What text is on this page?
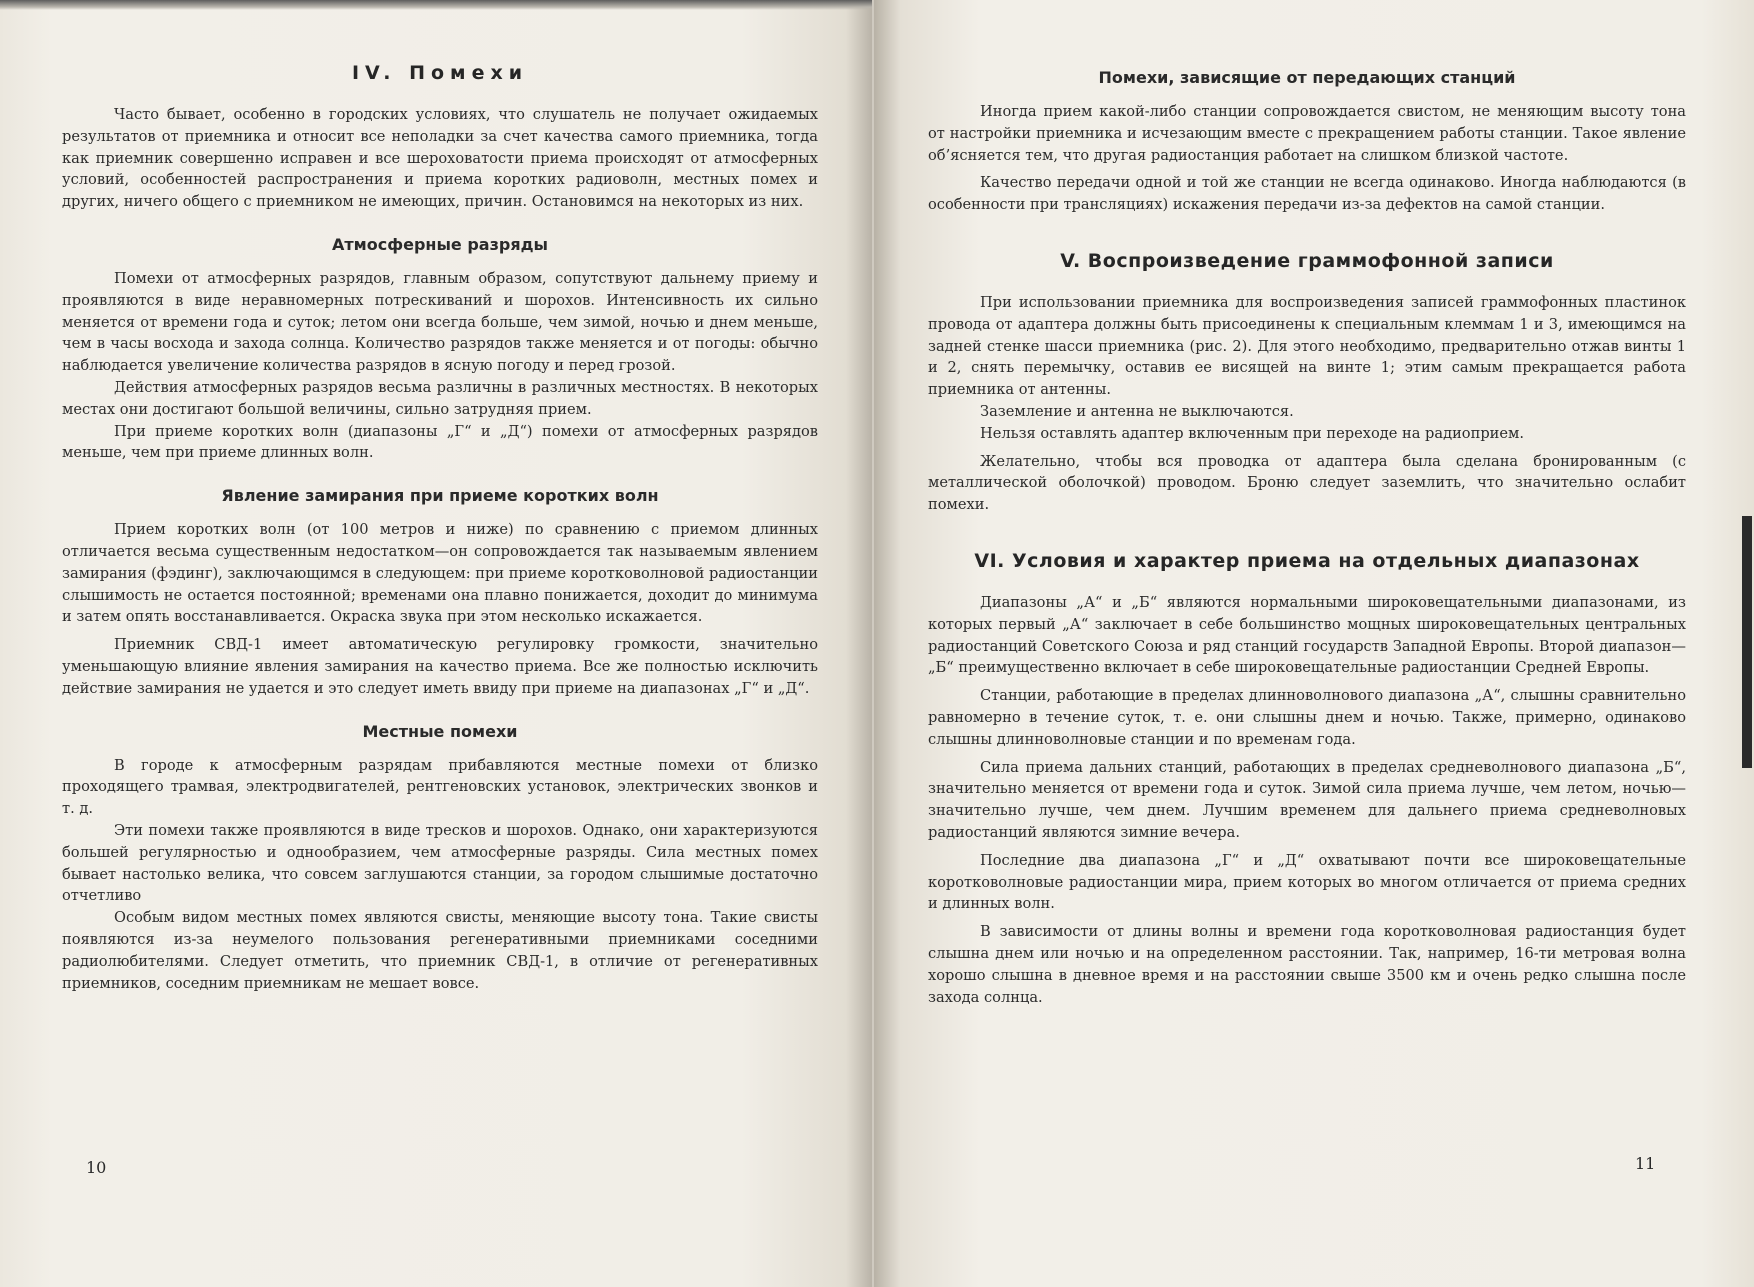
IV. Помехи

Часто бывает, особенно в городских условиях, что слушатель не получает ожидаемых результатов от приемника и относит все неполадки за счет качества самого приемника, тогда как приемник совершенно исправен и все шероховатости приема происходят от атмосферных условий, особенностей распространения и приема коротких радиоволн, местных помех и других, ничего общего с приемником не имеющих, причин. Остановимся на некоторых из них.

Атмосферные разряды

Помехи от атмосферных разрядов, главным образом, сопутствуют дальнему приему и проявляются в виде неравномерных потрескиваний и шорохов. Интенсивность их сильно меняется от времени года и суток; летом они всегда больше, чем зимой, ночью и днем меньше, чем в часы восхода и захода солнца. Количество разрядов также меняется и от погоды: обычно наблюдается увеличение количества разрядов в ясную погоду и перед грозой.

Действия атмосферных разрядов весьма различны в различных местностях. В некоторых местах они достигают большой величины, сильно затрудняя прием.

При приеме коротких волн (диапазоны „Г“ и „Д“) помехи от атмосферных разрядов меньше, чем при приеме длинных волн.

Явление замирания при приеме коротких волн

Прием коротких волн (от 100 метров и ниже) по сравнению с приемом длинных отличается весьма существенным недостатком—он сопровождается так называемым явлением замирания (фэдинг), заключающимся в следующем: при приеме коротковолновой радиостанции слышимость не остается постоянной; временами она плавно понижается, доходит до минимума и затем опять восстанавливается. Окраска звука при этом несколько искажается.

Приемник СВД-1 имеет автоматическую регулировку громкости, значительно уменьшающую влияние явления замирания на качество приема. Все же полностью исключить действие замирания не удается и это следует иметь ввиду при приеме на диапазонах „Г“ и „Д“.

Местные помехи

В городе к атмосферным разрядам прибавляются местные помехи от близко проходящего трамвая, электродвигателей, рентгеновских установок, электрических звонков и т. д.

Эти помехи также проявляются в виде тресков и шорохов. Однако, они характеризуются большей регулярностью и однообразием, чем атмосферные разряды. Сила местных помех бывает настолько велика, что совсем заглушаются станции, за городом слышимые достаточно отчетливо

Особым видом местных помех являются свисты, меняющие высоту тона. Такие свисты появляются из-за неумелого пользования регенеративными приемниками соседними радиолюбителями. Следует отметить, что приемник СВД-1, в отличие от регенеративных приемников, соседним приемникам не мешает вовсе.

10
Помехи, зависящие от передающих станций

Иногда прием какой-либо станции сопровождается свистом, не меняющим высоту тона от настройки приемника и исчезающим вместе с прекращением работы станции. Такое явление об’ясняется тем, что другая радиостанция работает на слишком близкой частоте.

Качество передачи одной и той же станции не всегда одинаково. Иногда наблюдаются (в особенности при трансляциях) искажения передачи из-за дефектов на самой станции.

V. Воспроизведение граммофонной записи

При использовании приемника для воспроизведения записей граммофонных пластинок провода от адаптера должны быть присоединены к специальным клеммам 1 и 3, имеющимся на задней стенке шасси приемника (рис. 2). Для этого необходимо, предварительно отжав винты 1 и 2, снять перемычку, оставив ее висящей на винте 1; этим самым прекращается работа приемника от антенны.

Заземление и антенна не выключаются.

Нельзя оставлять адаптер включенным при переходе на радиоприем.

Желательно, чтобы вся проводка от адаптера была сделана бронированным (с металлической оболочкой) проводом. Броню следует заземлить, что значительно ослабит помехи.

VI. Условия и характер приема на отдельных диапазонах

Диапазоны „А“ и „Б“ являются нормальными широковещательными диапазонами, из которых первый „А“ заключает в себе большинство мощных широковещательных центральных радиостанций Советского Союза и ряд станций государств Западной Европы. Второй диапазон—„Б“ преимущественно включает в себе широковещательные радиостанции Средней Европы.

Станции, работающие в пределах длинноволнового диапазона „А“, слышны сравнительно равномерно в течение суток, т. е. они слышны днем и ночью. Также, примерно, одинаково слышны длинноволновые станции и по временам года.

Сила приема дальних станций, работающих в пределах средневолнового диапазона „Б“, значительно меняется от времени года и суток. Зимой сила приема лучше, чем летом, ночью—значительно лучше, чем днем. Лучшим временем для дальнего приема средневолновых радиостанций являются зимние вечера.

Последние два диапазона „Г“ и „Д“ охватывают почти все широковещательные коротковолновые радиостанции мира, прием которых во многом отличается от приема средних и длинных волн.

В зависимости от длины волны и времени года коротковолновая радиостанция будет слышна днем или ночью и на определенном расстоянии. Так, например, 16-ти метровая волна хорошо слышна в дневное время и на расстоянии свыше 3500 км и очень редко слышна после захода солнца.

11
